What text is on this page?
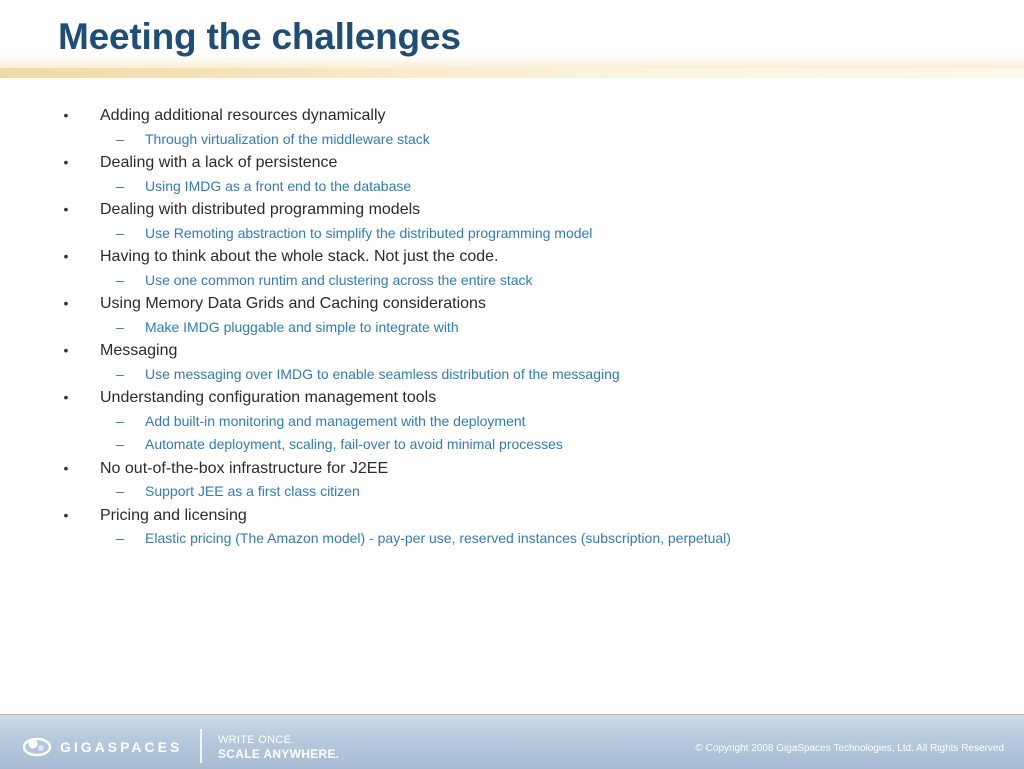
Meeting the challenges
• Adding additional resources dynamically
– Through virtualization of the middleware stack
• Dealing with a lack of persistence
– Using IMDG as a front end to the database
• Dealing with distributed programming models
– Use Remoting abstraction to simplify the distributed programming model
• Having to think about the whole stack. Not just the code.
– Use one common runtim and clustering across the entire stack
• Using Memory Data Grids and Caching considerations
– Make IMDG pluggable and simple to integrate with
• Messaging
– Use messaging over IMDG to enable seamless distribution of the messaging
• Understanding configuration management tools
– Add built-in monitoring and management with the deployment
– Automate deployment, scaling, fail-over to avoid minimal processes
• No out-of-the-box infrastructure for J2EE
– Support JEE as a first class citizen
• Pricing and licensing
– Elastic pricing (The Amazon model) - pay-per use, reserved instances (subscription, perpetual)
GIGASPACES	WRITE ONCE.
SCALE ANYWHERE.	© Copyright 2008 GigaSpaces Technologies, Ltd. All Rights Reserved
